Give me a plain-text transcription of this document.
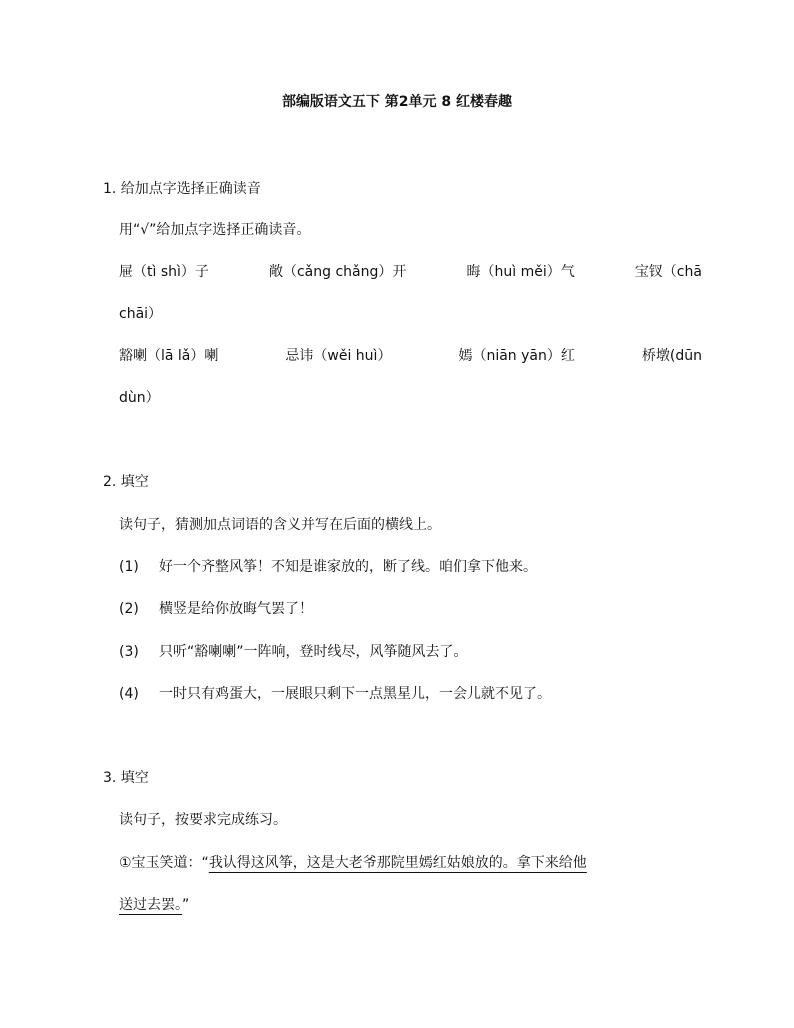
部编版语文五下 第2单元 8 红楼春趣
1. 给加点字选择正确读音
用“√”给加点字选择正确读音。
屉（tì shì）子	敞（cǎng chǎng）开	晦（huì měi）气	宝钗（chā
chāi）
豁喇（lā lǎ）喇	忌讳（wěi huì）	嫣（niān yān）红	桥墩(dūn
dùn）
2. 填空
读句子，猜测加点词语的含义并写在后面的横线上。
(1) 好一个齐整风筝！不知是谁家放的，断了线。咱们拿下他来。
(2) 横竖是给你放晦气罢了！
(3) 只听“豁喇喇”一阵响，登时线尽，风筝随风去了。
(4) 一时只有鸡蛋大，一展眼只剩下一点黑星儿，一会儿就不见了。
3. 填空
读句子，按要求完成练习。
①宝玉笑道：“我认得这风筝，这是大老爷那院里嫣红姑娘放的。拿下来给他
送过去罢。”
